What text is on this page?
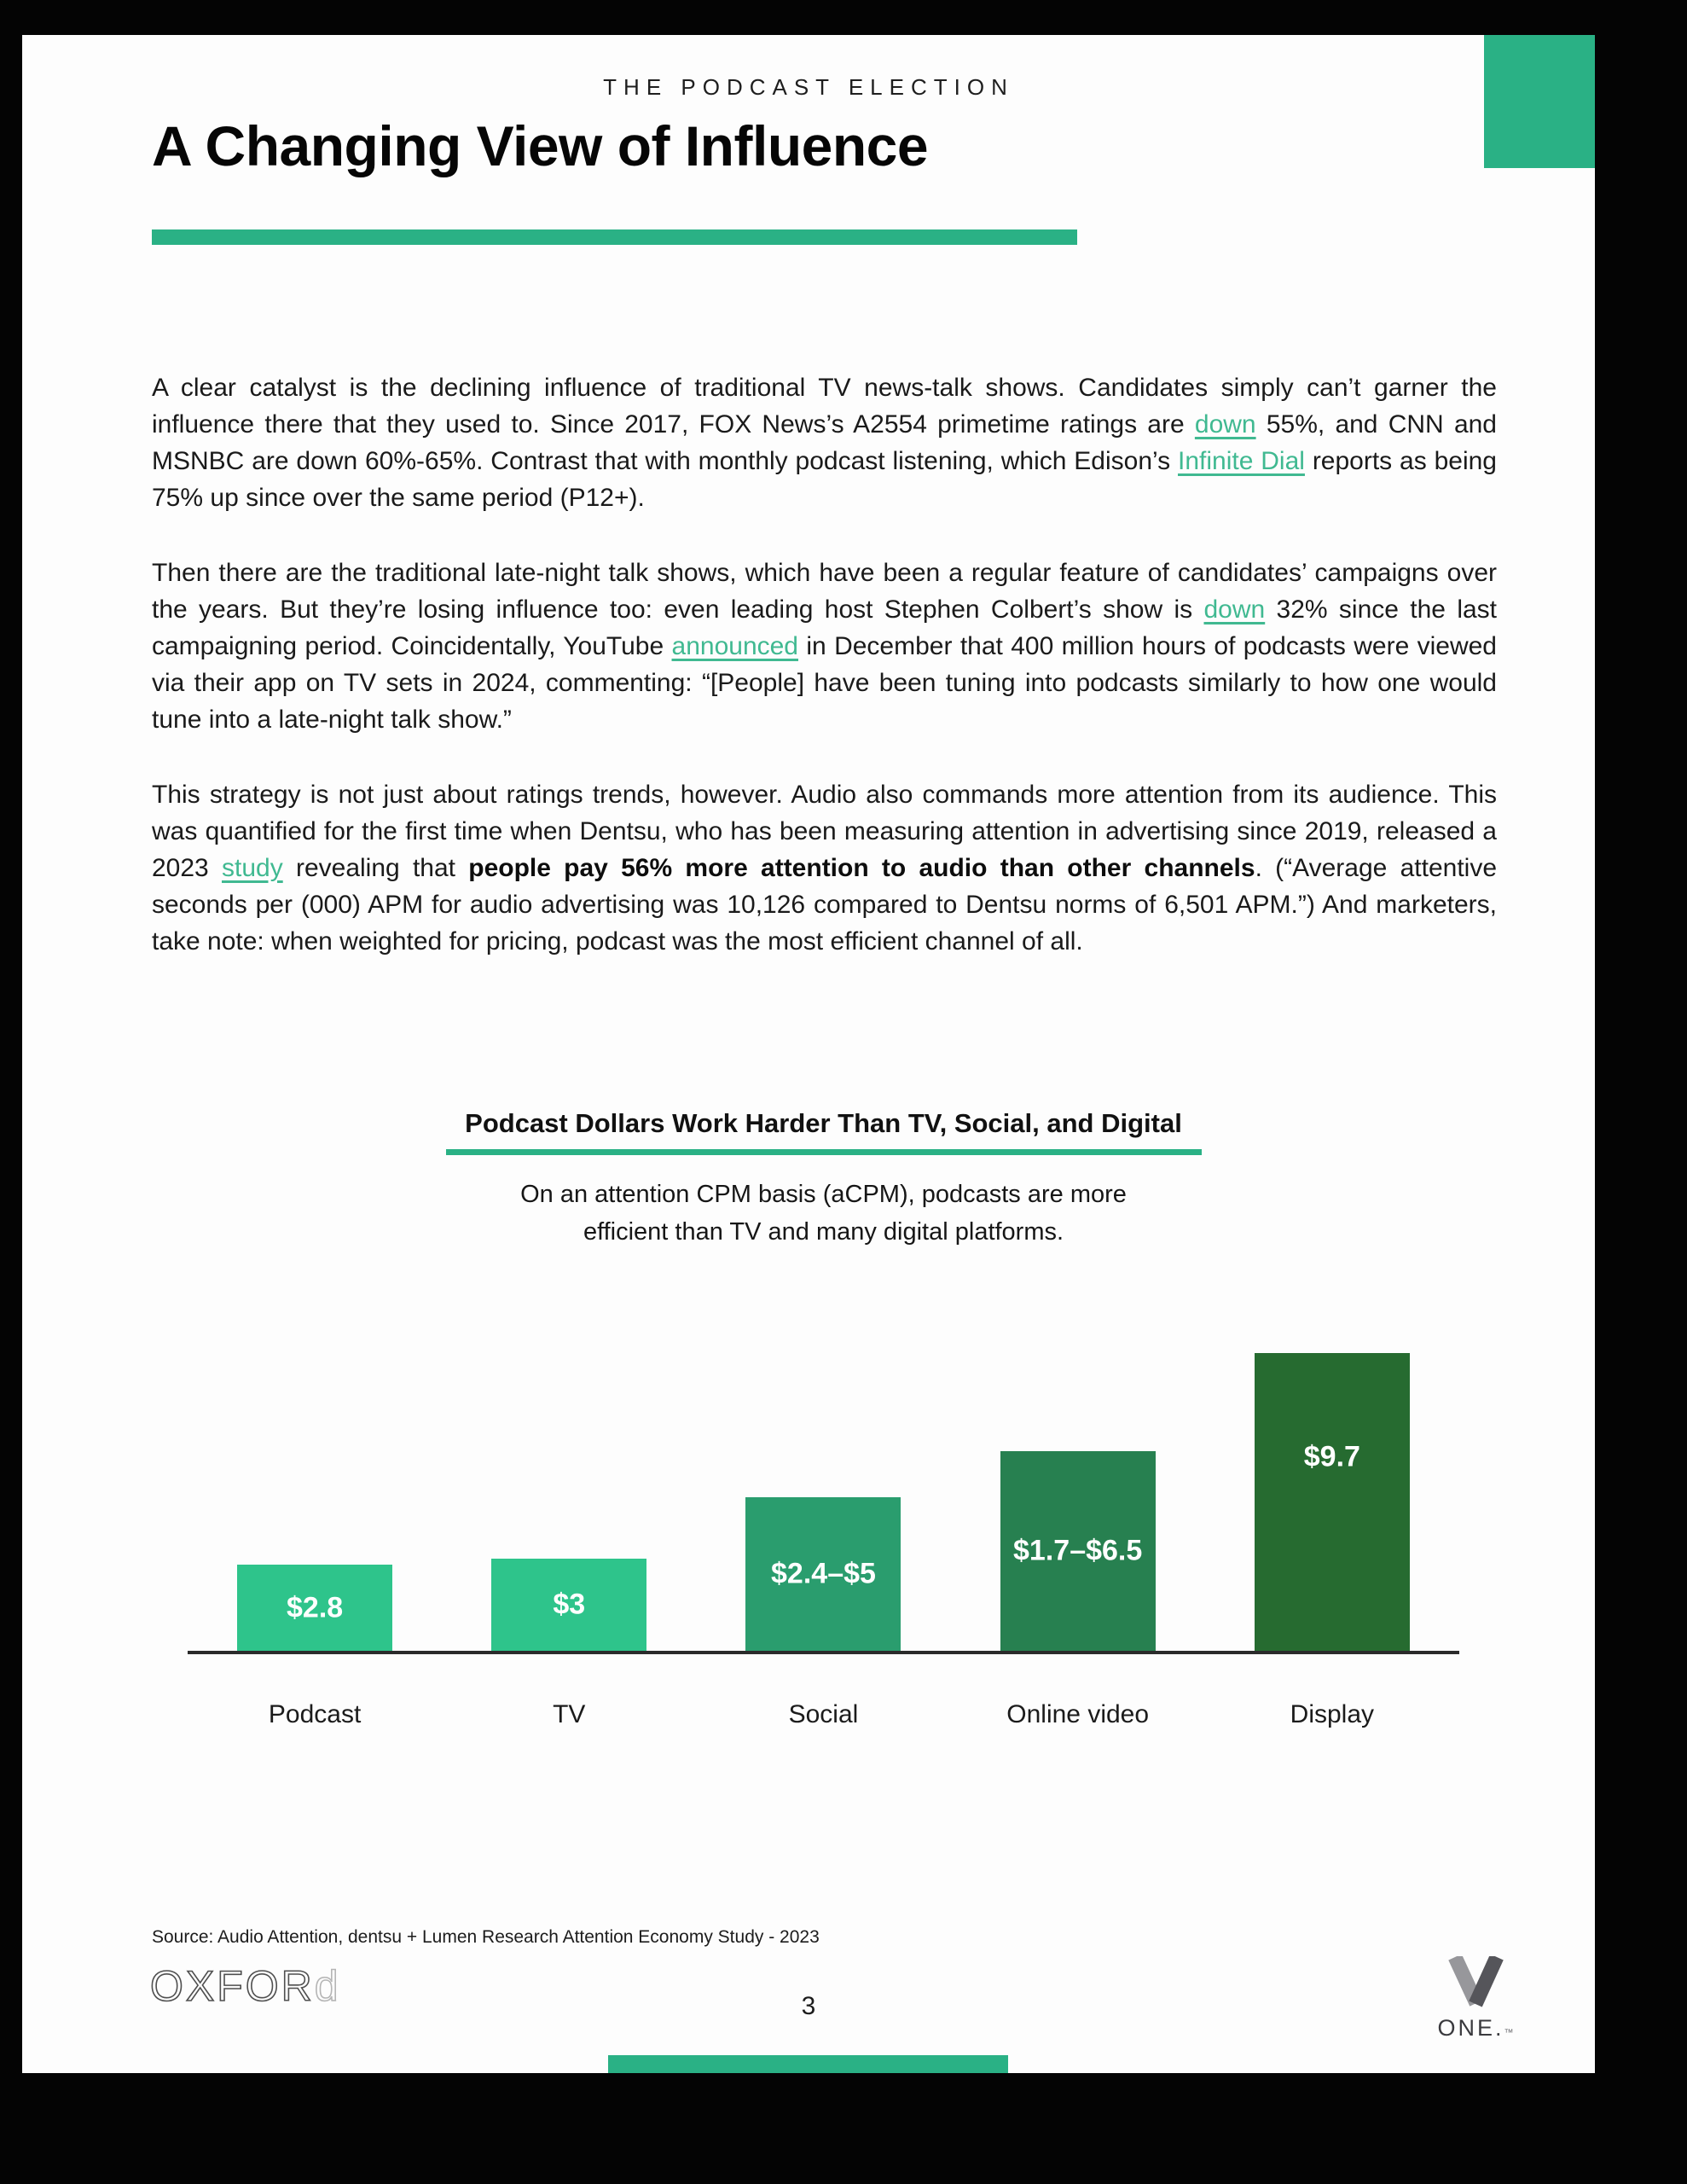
THE PODCAST ELECTION
A Changing View of Influence

A clear catalyst is the declining influence of traditional TV news-talk shows. Candidates simply can’t garner the influence there that they used to. Since 2017, FOX News’s A2554 primetime ratings are down 55%, and CNN and MSNBC are down 60%-65%. Contrast that with monthly podcast listening, which Edison’s Infinite Dial reports as being 75% up since over the same period (P12+).

Then there are the traditional late-night talk shows, which have been a regular feature of candidates’ campaigns over the years. But they’re losing influence too: even leading host Stephen Colbert’s show is down 32% since the last campaigning period. Coincidentally, YouTube announced in December that 400 million hours of podcasts were viewed via their app on TV sets in 2024, commenting: “[People] have been tuning into podcasts similarly to how one would tune into a late-night talk show.”

This strategy is not just about ratings trends, however. Audio also commands more attention from its audience. This was quantified for the first time when Dentsu, who has been measuring attention in advertising since 2019, released a 2023 study revealing that people pay 56% more attention to audio than other channels. (“Average attentive seconds per (000) APM for audio advertising was 10,126 compared to Dentsu norms of 6,501 APM.”) And marketers, take note: when weighted for pricing, podcast was the most efficient channel of all.

Podcast Dollars Work Harder Than TV, Social, and Digital
On an attention CPM basis (aCPM), podcasts are more
efficient than TV and many digital platforms.
$2.8	$3
$2.4–$5
$1.7–$6.5
$9.7
Podcast	TV	Social	Online video	Display
Source: Audio Attention, dentsu + Lumen Research Attention Economy Study - 2023
OXFORd	3
ONE.™
